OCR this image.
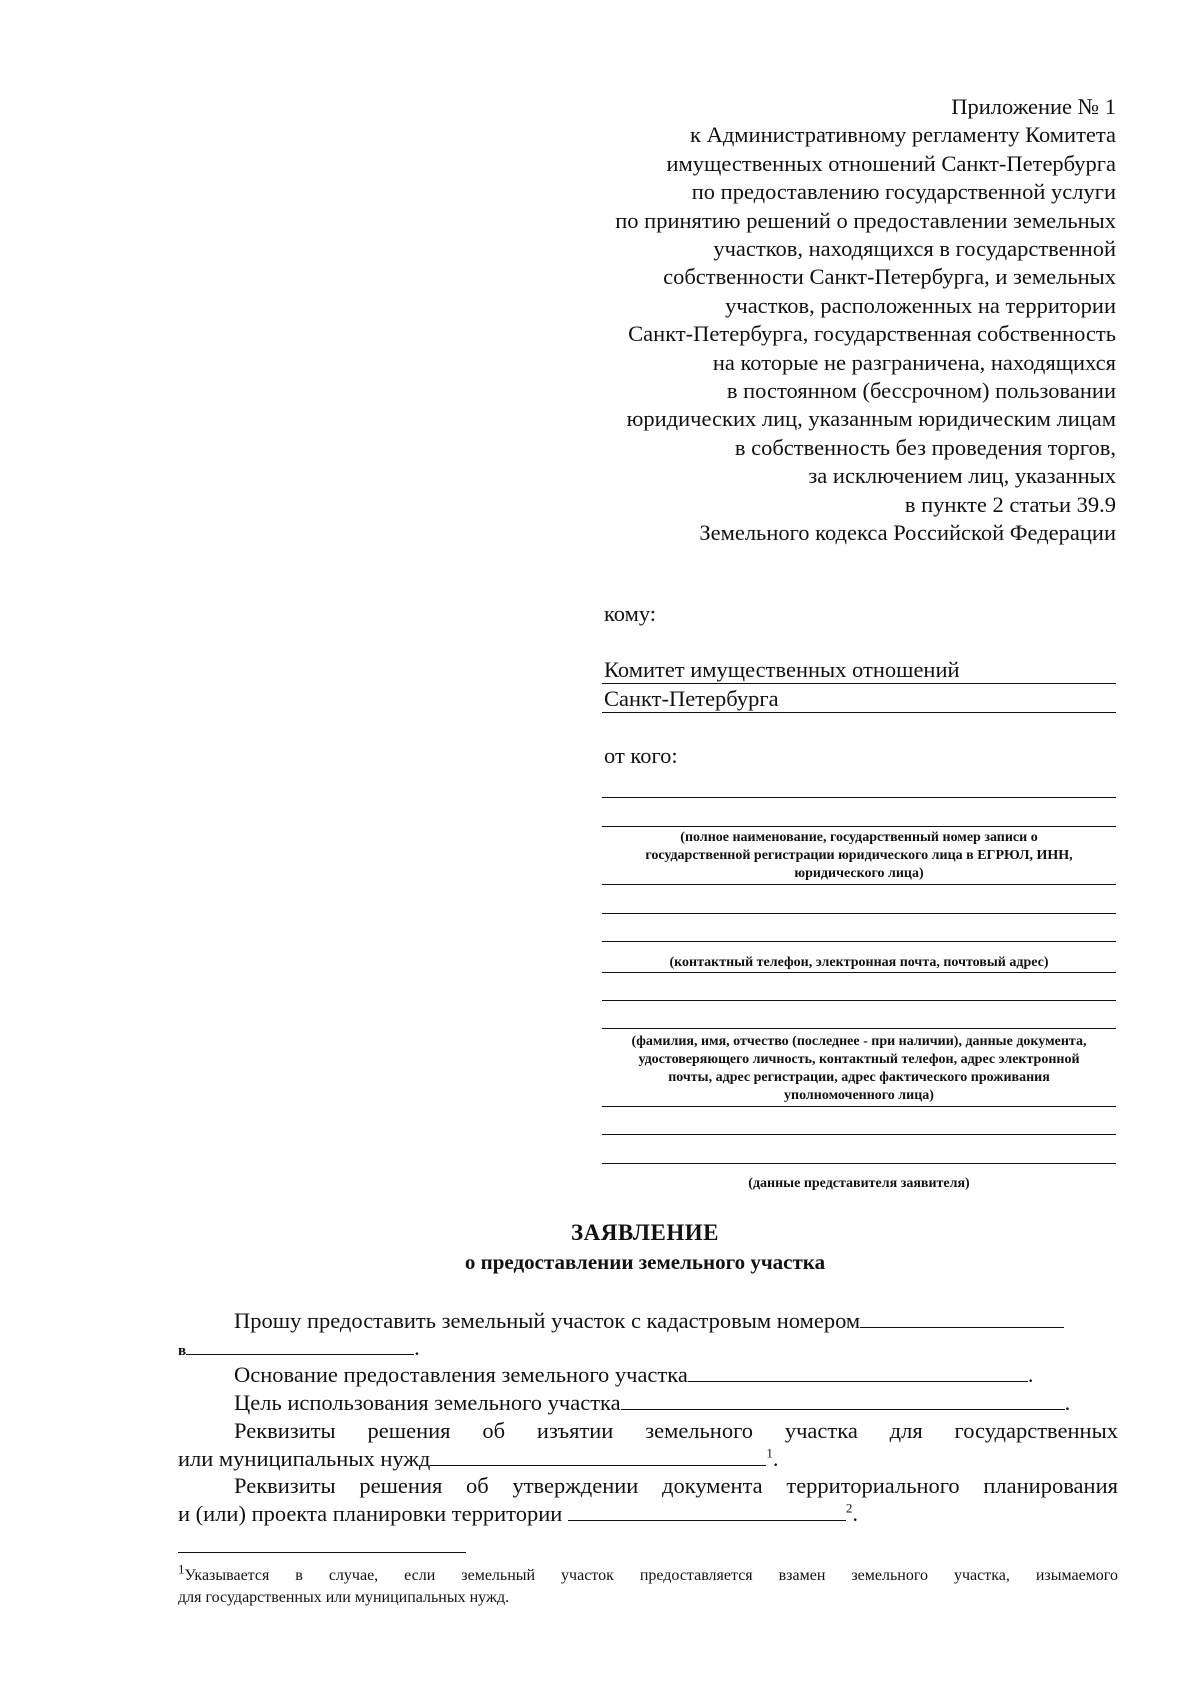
Приложение № 1
к Административному регламенту Комитета
имущественных отношений Санкт-Петербурга
по предоставлению государственной услуги
по принятию решений о предоставлении земельных
участков, находящихся в государственной
собственности Санкт-Петербурга, и земельных
участков, расположенных на территории
Санкт-Петербурга, государственная собственность
на которые не разграничена, находящихся
в постоянном (бессрочном) пользовании
юридических лиц, указанным юридическим лицам
в собственность без проведения торгов,
за исключением лиц, указанных
в пункте 2 статьи 39.9
Земельного кодекса Российской Федерации
кому:
Комитет имущественных отношений
Санкт-Петербурга
от кого:
(полное наименование, государственный номер записи о
государственной регистрации юридического лица в ЕГРЮЛ, ИНН,
юридического лица)
(контактный телефон, электронная почта, почтовый адрес)
(фамилия, имя, отчество (последнее - при наличии), данные документа,
удостоверяющего личность, контактный телефон, адрес электронной
почты, адрес регистрации, адрес фактического проживания
уполномоченного лица)
(данные представителя заявителя)
ЗАЯВЛЕНИЕ
о предоставлении земельного участка
Прошу предоставить земельный участок с кадастровым номером
в	.
Основание предоставления земельного участка	.
Цель использования земельного участка	.
Реквизиты решения об изъятии земельного участка для государственных
или муниципальных нужд	$^1$.
Реквизиты решения об утверждении документа территориального планирования
и (или) проекта планировки территории	$^2$.
$^1$Указывается в случае, если земельный участок предоставляется взамен земельного участка, изымаемого
для государственных или муниципальных нужд.
